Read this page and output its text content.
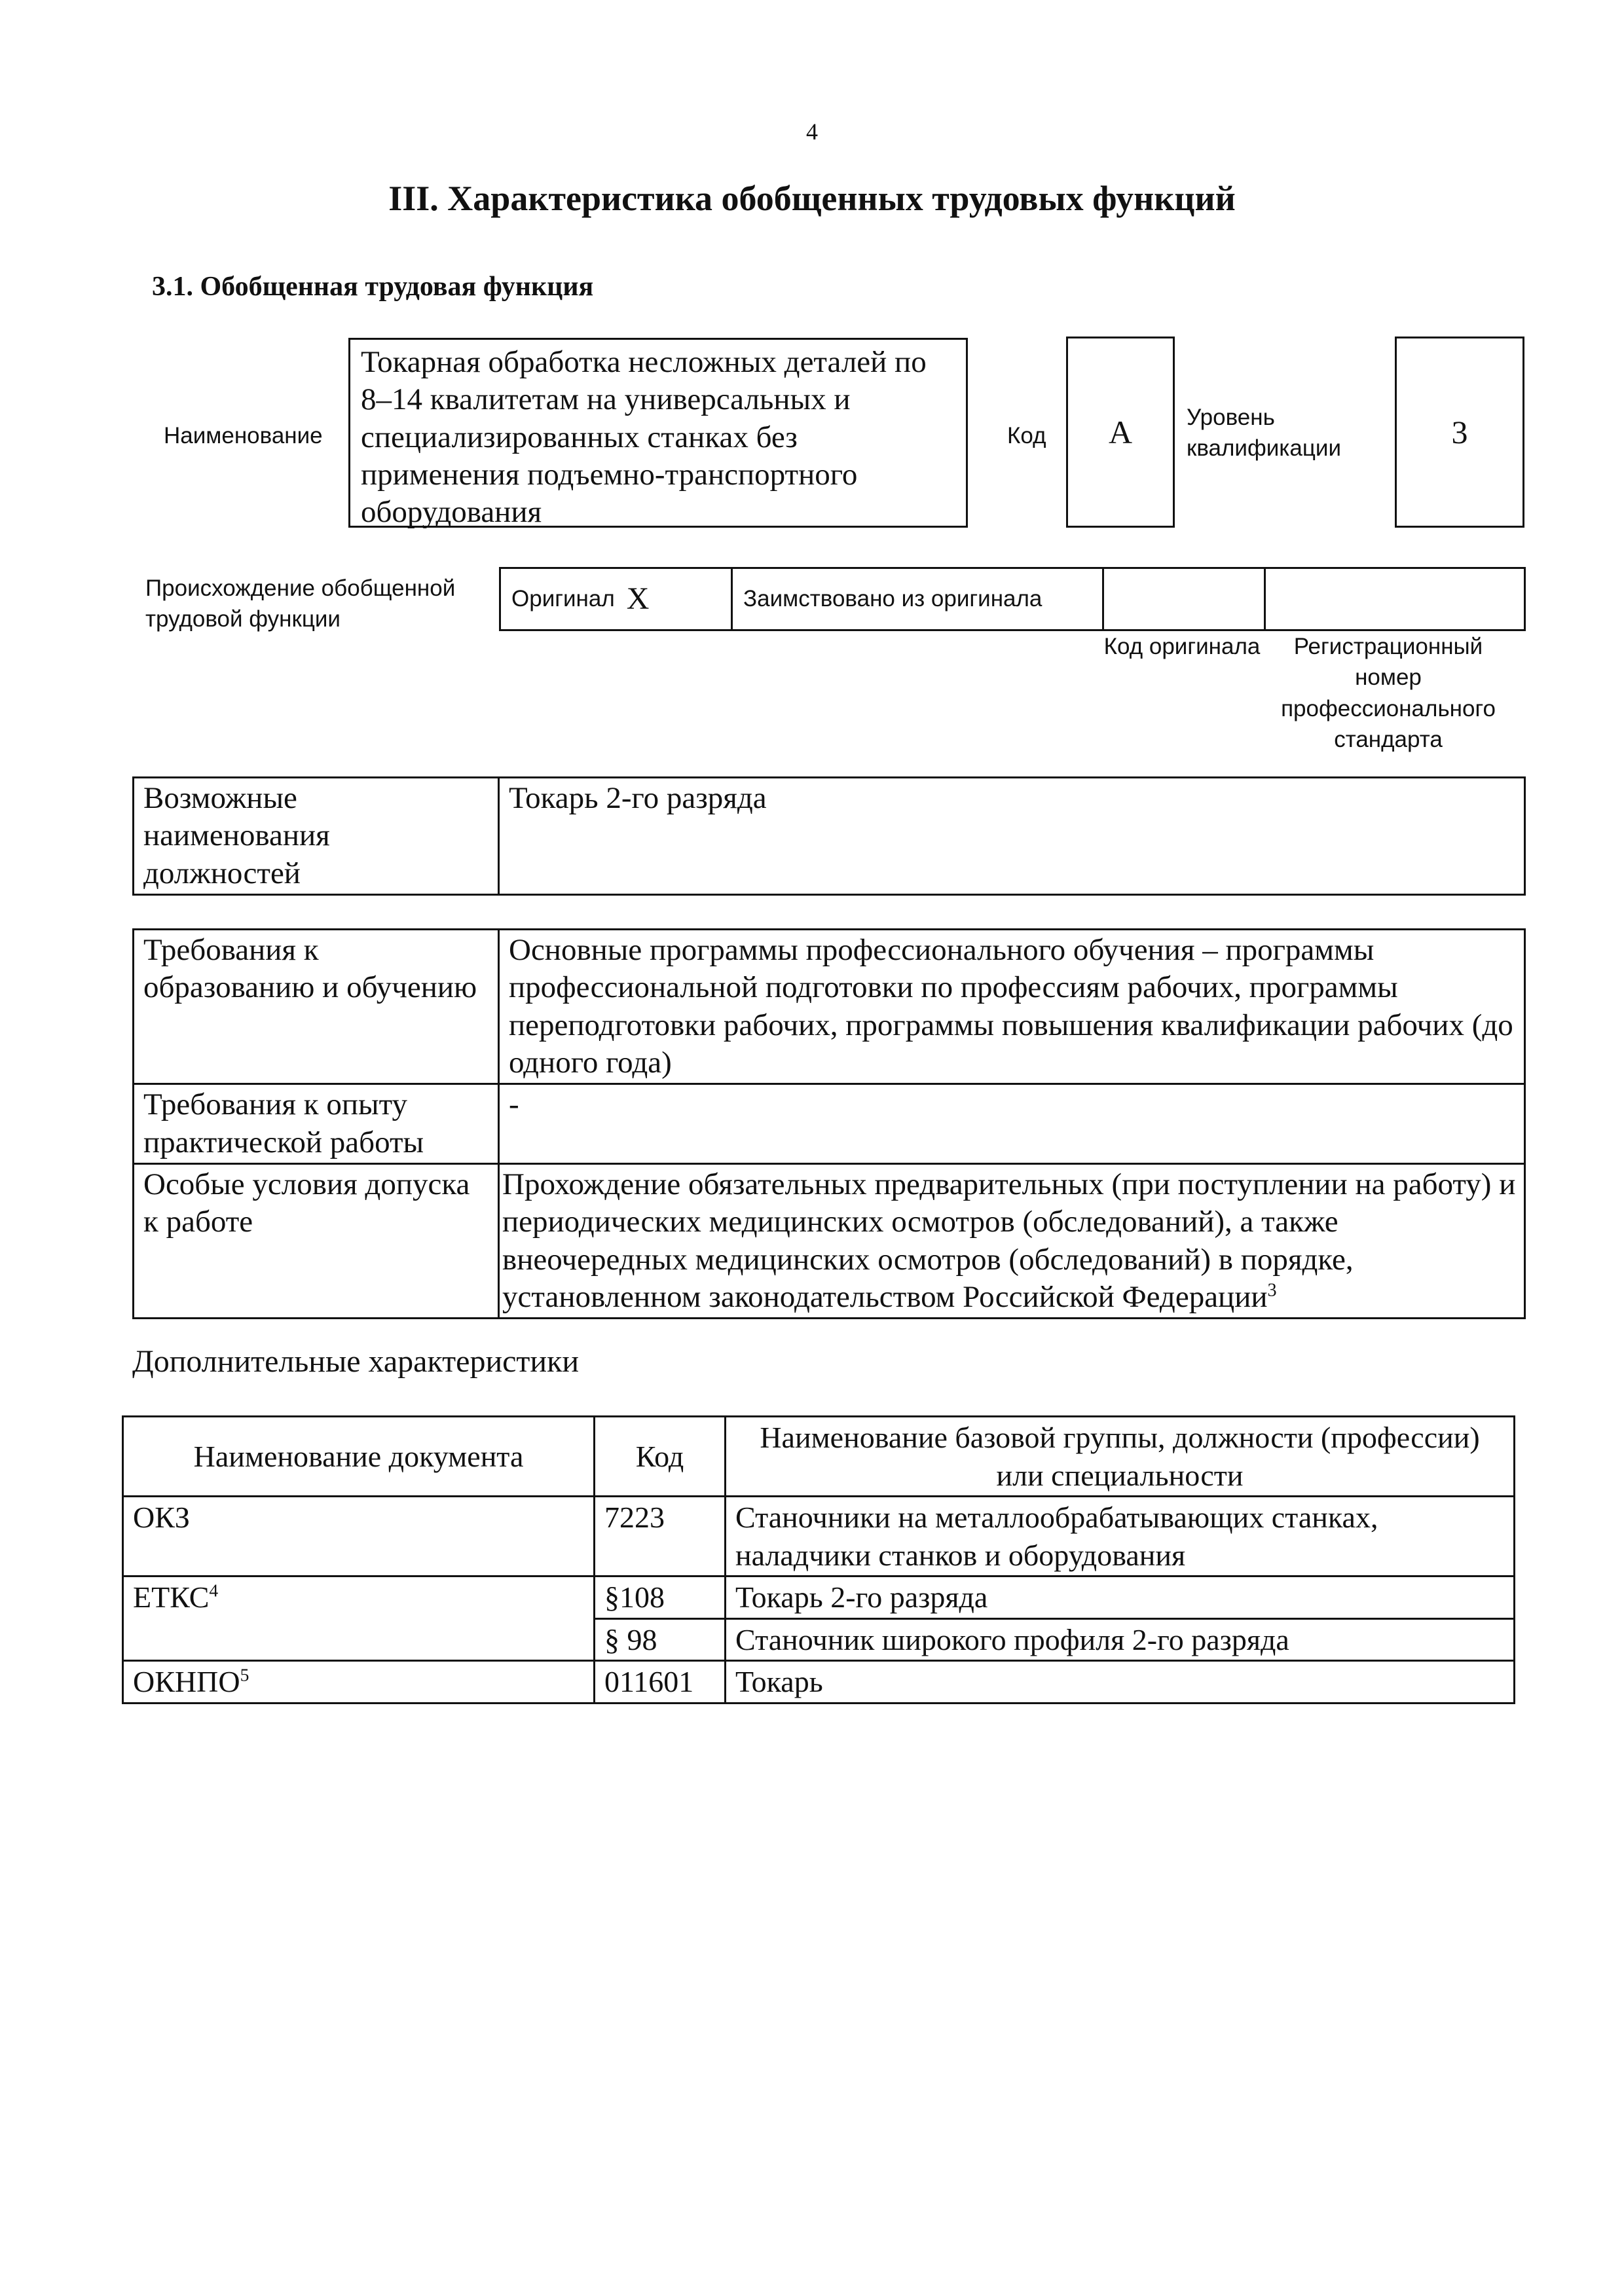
4
III. Характеристика обобщенных трудовых функций
3.1. Обобщенная трудовая функция
Наименование
Токарная обработка несложных деталей по 8–14 квалитетам на универсальных и специализированных станках без применения подъемно-транспортного оборудования
Код	А	Уровень квалификации	3
Происхождение обобщенной трудовой функции
Оригинал X	Заимствовано из оригинала
Код оригинала	Регистрационный номер профессионального стандарта
Возможные наименования должностей	Токарь 2-го разряда
Требования к образованию и обучению	Основные программы профессионального обучения – программы профессиональной подготовки по профессиям рабочих, программы переподготовки рабочих, программы повышения квалификации рабочих (до одного года)
Требования к опыту практической работы	-
Особые условия допуска к работе	Прохождение обязательных предварительных (при поступлении на работу) и периодических медицинских осмотров (обследований), а также внеочередных медицинских осмотров (обследований) в порядке, установленном законодательством Российской Федерации$^3$
Дополнительные характеристики
Наименование документа	Код	Наименование базовой группы, должности (профессии) или специальности
ОКЗ	7223	Станочники на металлообрабатывающих станках, наладчики станков и оборудования
ЕТКС$^4$	§108	Токарь 2-го разряда
	§ 98	Станочник широкого профиля 2-го разряда
ОКНПО$^5$	011601	Токарь
